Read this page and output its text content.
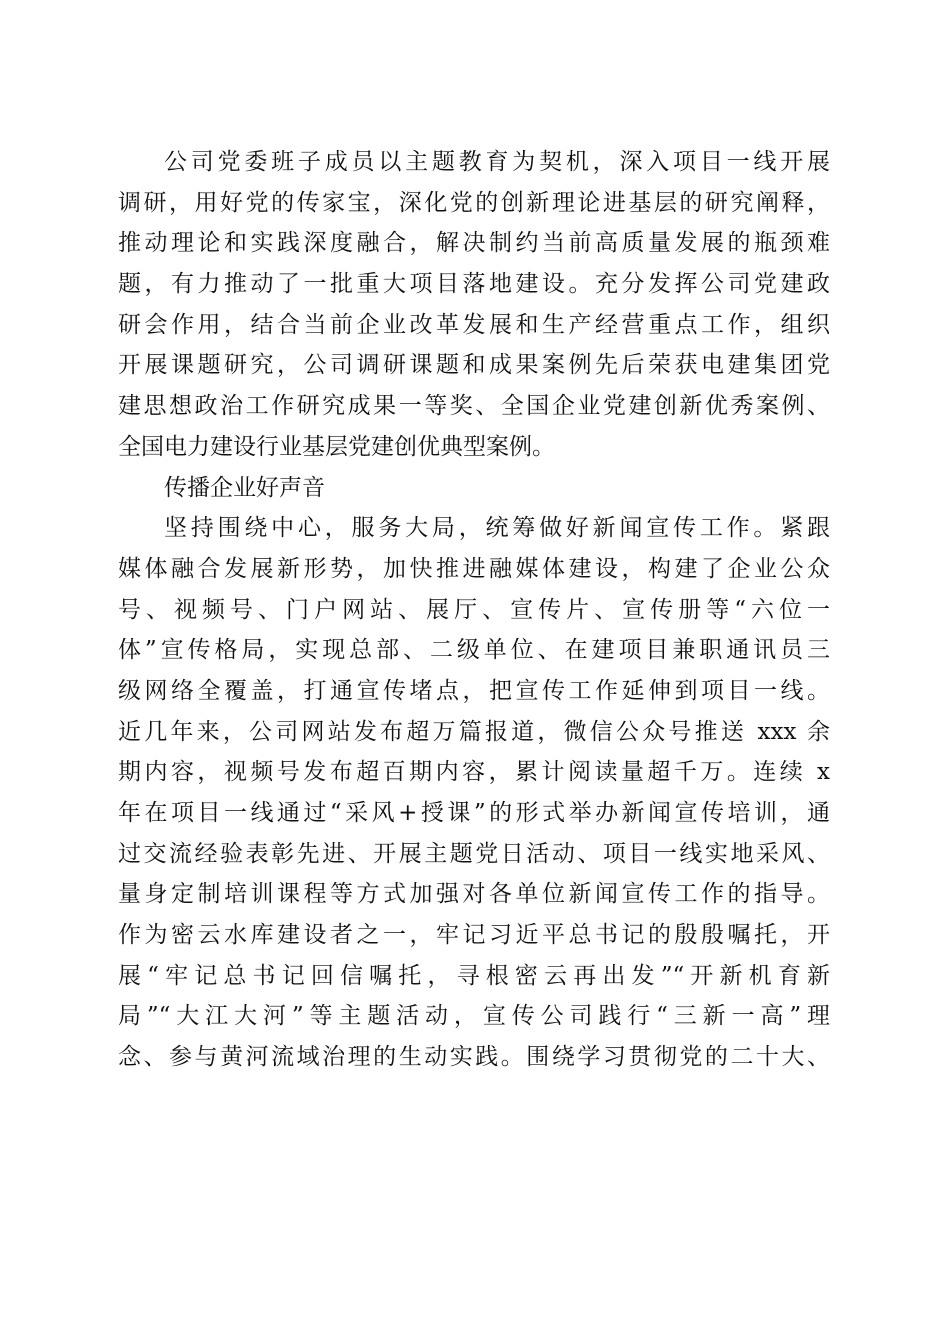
公司党委班子成员以主题教育为契机，深入项目一线开展
调研，用好党的传家宝，深化党的创新理论进基层的研究阐释，
推动理论和实践深度融合，解决制约当前高质量发展的瓶颈难
题，有力推动了一批重大项目落地建设。充分发挥公司党建政
研会作用，结合当前企业改革发展和生产经营重点工作，组织
开展课题研究，公司调研课题和成果案例先后荣获电建集团党
建思想政治工作研究成果一等奖、全国企业党建创新优秀案例、
全国电力建设行业基层党建创优典型案例。
传播企业好声音
坚持围绕中心，服务大局，统筹做好新闻宣传工作。紧跟
媒体融合发展新形势，加快推进融媒体建设，构建了企业公众
号、视频号、门户网站、展厅、宣传片、宣传册等“六位一
体”宣传格局，实现总部、二级单位、在建项目兼职通讯员三
级网络全覆盖，打通宣传堵点，把宣传工作延伸到项目一线。
近几年来，公司网站发布超万篇报道，微信公众号推送 xxx 余
期内容，视频号发布超百期内容，累计阅读量超千万。连续 x
年在项目一线通过“采风+授课”的形式举办新闻宣传培训，通
过交流经验表彰先进、开展主题党日活动、项目一线实地采风、
量身定制培训课程等方式加强对各单位新闻宣传工作的指导。
作为密云水库建设者之一，牢记习近平总书记的殷殷嘱托，开
展“牢记总书记回信嘱托，寻根密云再出发”“开新机育新
局”“大江大河”等主题活动，宣传公司践行“三新一高”理
念、参与黄河流域治理的生动实践。围绕学习贯彻党的二十大、
